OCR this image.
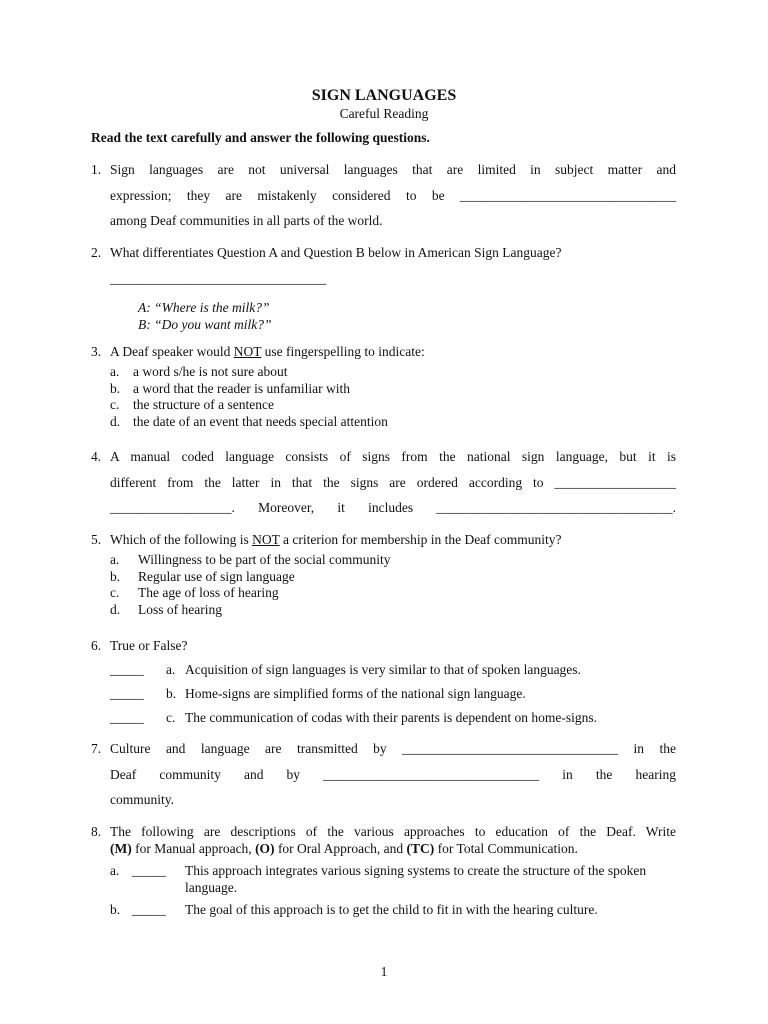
SIGN LANGUAGES
Careful Reading
Read the text carefully and answer the following questions.
1. Sign languages are not universal languages that are limited in subject matter and
expression; they are mistakenly considered to be ________________________________
among Deaf communities in all parts of the world.
2. What differentiates Question A and Question B below in American Sign Language?
________________________________
A: “Where is the milk?”
B: “Do you want milk?”
3. A Deaf speaker would NOT use fingerspelling to indicate:
a. a word s/he is not sure about
b. a word that the reader is unfamiliar with
c. the structure of a sentence
d. the date of an event that needs special attention
4. A manual coded language consists of signs from the national sign language, but it is
different from the latter in that the signs are ordered according to __________________
__________________. Moreover, it includes ___________________________________.
5. Which of the following is NOT a criterion for membership in the Deaf community?
a. Willingness to be part of the social community
b. Regular use of sign language
c. The age of loss of hearing
d. Loss of hearing
6. True or False?
_____ a. Acquisition of sign languages is very similar to that of spoken languages.
_____ b. Home-signs are simplified forms of the national sign language.
_____ c. The communication of codas with their parents is dependent on home-signs.
7. Culture and language are transmitted by ________________________________ in the
Deaf community and by ________________________________ in the hearing
community.
8. The following are descriptions of the various approaches to education of the Deaf. Write
(M) for Manual approach, (O) for Oral Approach, and (TC) for Total Communication.
a. _____ This approach integrates various signing systems to create the structure of the spoken language.
b. _____ The goal of this approach is to get the child to fit in with the hearing culture.
1
